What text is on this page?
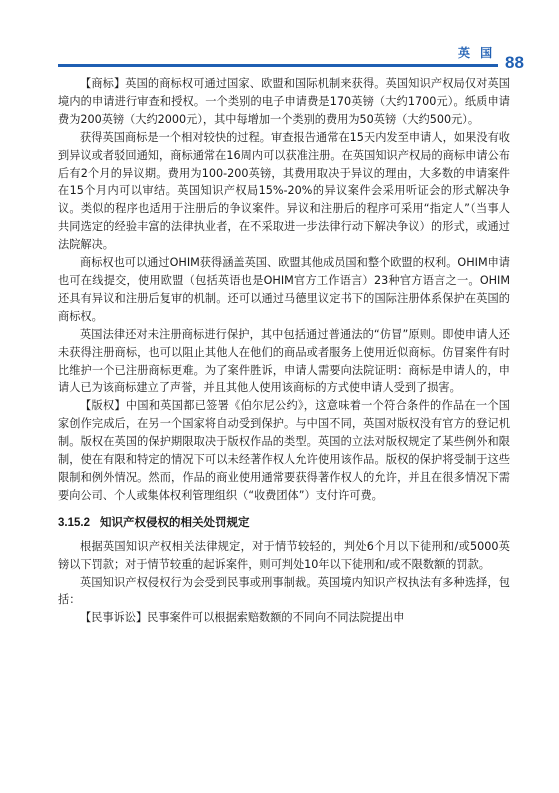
英 国 88

【商标】英国的商标权可通过国家、欧盟和国际机制来获得。英国知识产权局仅对英国境内的申请进行审查和授权。一个类别的电子申请费是170英镑（大约1700元）。纸质申请费为200英镑（大约2000元），其中每增加一个类别的费用为50英镑（大约500元）。

获得英国商标是一个相对较快的过程。审查报告通常在15天内发至申请人，如果没有收到异议或者驳回通知，商标通常在16周内可以获准注册。在英国知识产权局的商标申请公布后有2个月的异议期。费用为100-200英镑，其费用取决于异议的理由，大多数的申请案件在15个月内可以审结。英国知识产权局15%-20%的异议案件会采用听证会的形式解决争议。类似的程序也适用于注册后的争议案件。异议和注册后的程序可采用“指定人”（当事人共同选定的经验丰富的法律执业者，在不采取进一步法律行动下解决争议）的形式，或通过法院解决。

商标权也可以通过OHIM获得涵盖英国、欧盟其他成员国和整个欧盟的权利。OHIM申请也可在线提交，使用欧盟（包括英语也是OHIM官方工作语言）23种官方语言之一。OHIM还具有异议和注册后复审的机制。还可以通过马德里议定书下的国际注册体系保护在英国的商标权。

英国法律还对未注册商标进行保护，其中包括通过普通法的“仿冒”原则。即使申请人还未获得注册商标，也可以阻止其他人在他们的商品或者服务上使用近似商标。仿冒案件有时比维护一个已注册商标更难。为了案件胜诉，申请人需要向法院证明：商标是申请人的，申请人已为该商标建立了声誉，并且其他人使用该商标的方式使申请人受到了损害。

【版权】中国和英国都已签署《伯尔尼公约》，这意味着一个符合条件的作品在一个国家创作完成后，在另一个国家将自动受到保护。与中国不同，英国对版权没有官方的登记机制。版权在英国的保护期限取决于版权作品的类型。英国的立法对版权规定了某些例外和限制，使在有限和特定的情况下可以未经著作权人允许使用该作品。版权的保护将受制于这些限制和例外情况。然而，作品的商业使用通常要获得著作权人的允许，并且在很多情况下需要向公司、个人或集体权利管理组织（“收费团体”）支付许可费。

3.15.2 知识产权侵权的相关处罚规定

根据英国知识产权相关法律规定，对于情节较轻的，判处6个月以下徒刑和/或5000英镑以下罚款；对于情节较重的起诉案件，则可判处10年以下徒刑和/或不限数额的罚款。

英国知识产权侵权行为会受到民事或刑事制裁。英国境内知识产权执法有多种选择，包括：

【民事诉讼】民事案件可以根据索赔数额的不同向不同法院提出申
